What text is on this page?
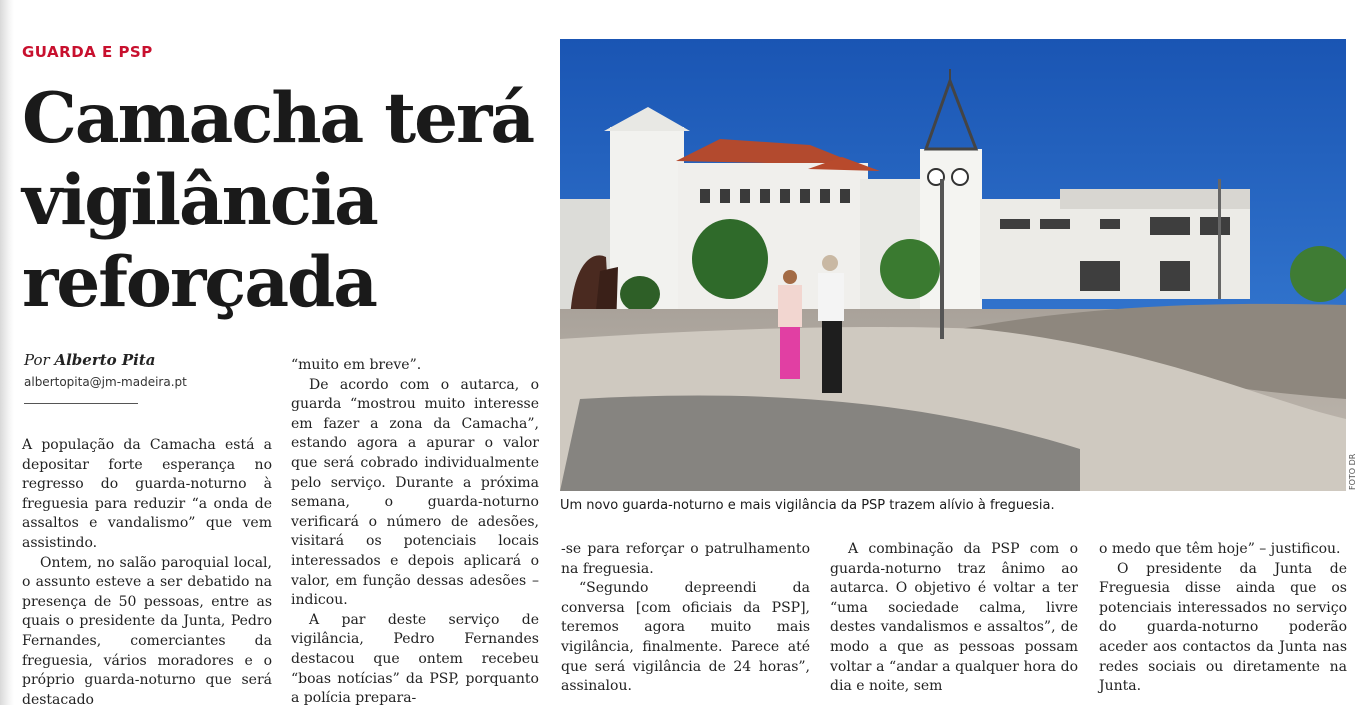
GUARDA E PSP
Camacha terá
vigilância
reforçada
Por Alberto Pita
albertopita@jm-madeira.pt

A população da Camacha está a depositar forte esperança no regresso do guarda-noturno à freguesia para reduzir “a onda de assaltos e vandalismo” que vem assistindo.

Ontem, no salão paroquial local, o assunto esteve a ser debatido na presença de 50 pessoas, entre as quais o presidente da Junta, Pedro Fernandes, comerciantes da freguesia, vários moradores e o próprio guarda-noturno que será destacado

“muito em breve”.

De acordo com o autarca, o guarda “mostrou muito interesse em fazer a zona da Camacha”, estando agora a apurar o valor que será cobrado individualmente pelo serviço. Durante a próxima semana, o guarda-noturno verificará o número de adesões, visitará os potenciais locais interessados e depois aplicará o valor, em função dessas adesões – indicou.

A par deste serviço de vigilância, Pedro Fernandes destacou que ontem recebeu “boas notícias” da PSP, porquanto a polícia prepara-

FOTO DR
Um novo guarda-noturno e mais vigilância da PSP trazem alívio à freguesia.

-se para reforçar o patrulhamento na freguesia.

“Segundo depreendi da conversa [com oficiais da PSP], teremos agora muito mais vigilância, finalmente. Parece até que será vigilância de 24 horas”, assinalou.

A combinação da PSP com o guarda-noturno traz ânimo ao autarca. O objetivo é voltar a ter “uma sociedade calma, livre destes vandalismos e assaltos”, de modo a que as pessoas possam voltar a “andar a qualquer hora do dia e noite, sem

o medo que têm hoje” – justificou.

O presidente da Junta de Freguesia disse ainda que os potenciais interessados no serviço do guarda-noturno poderão aceder aos contactos da Junta nas redes sociais ou diretamente na Junta.
